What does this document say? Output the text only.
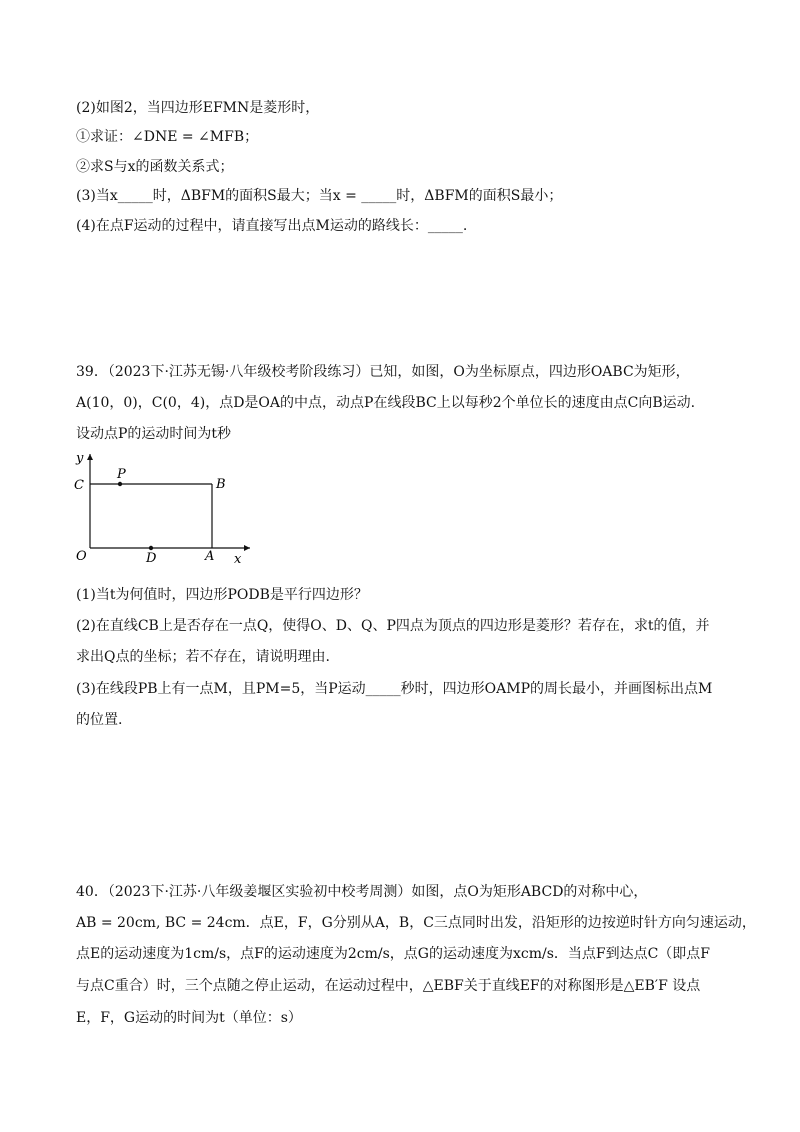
(2)如图2，当四边形EFMN是菱形时，
①求证：∠DNE = ∠MFB；
②求S与x的函数关系式；
(3)当x_____时，ΔBFM的面积S最大；当x = _____时，ΔBFM的面积S最小；
(4)在点F运动的过程中，请直接写出点M运动的路线长：_____.
39．（2023下·江苏无锡·八年级校考阶段练习）已知，如图，O为坐标原点，四边形OABC为矩形，
A(10，0)，C(0，4)，点D是OA的中点，动点P在线段BC上以每秒2个单位长的速度由点C向B运动.
设动点P的运动时间为t秒
y
x
O	A
B
C
D
P
(1)当t为何值时，四边形PODB是平行四边形？
(2)在直线CB上是否存在一点Q，使得O、D、Q、P四点为顶点的四边形是菱形？若存在，求t的值，并
求出Q点的坐标；若不存在，请说明理由.
(3)在线段PB上有一点M，且PM=5，当P运动_____秒时，四边形OAMP的周长最小，并画图标出点M
的位置.
40．（2023下·江苏·八年级姜堰区实验初中校考周测）如图，点O为矩形ABCD的对称中心，
AB = 20cm, BC = 24cm．点E，F，G分别从A，B，C三点同时出发，沿矩形的边按逆时针方向匀速运动，
点E的运动速度为1cm/s，点F的运动速度为2cm/s，点G的运动速度为xcm/s．当点F到达点C（即点F
与点C重合）时，三个点随之停止运动，在运动过程中，△EBF关于直线EF的对称图形是△EB′F 设点
E，F，G运动的时间为t（单位：s）
